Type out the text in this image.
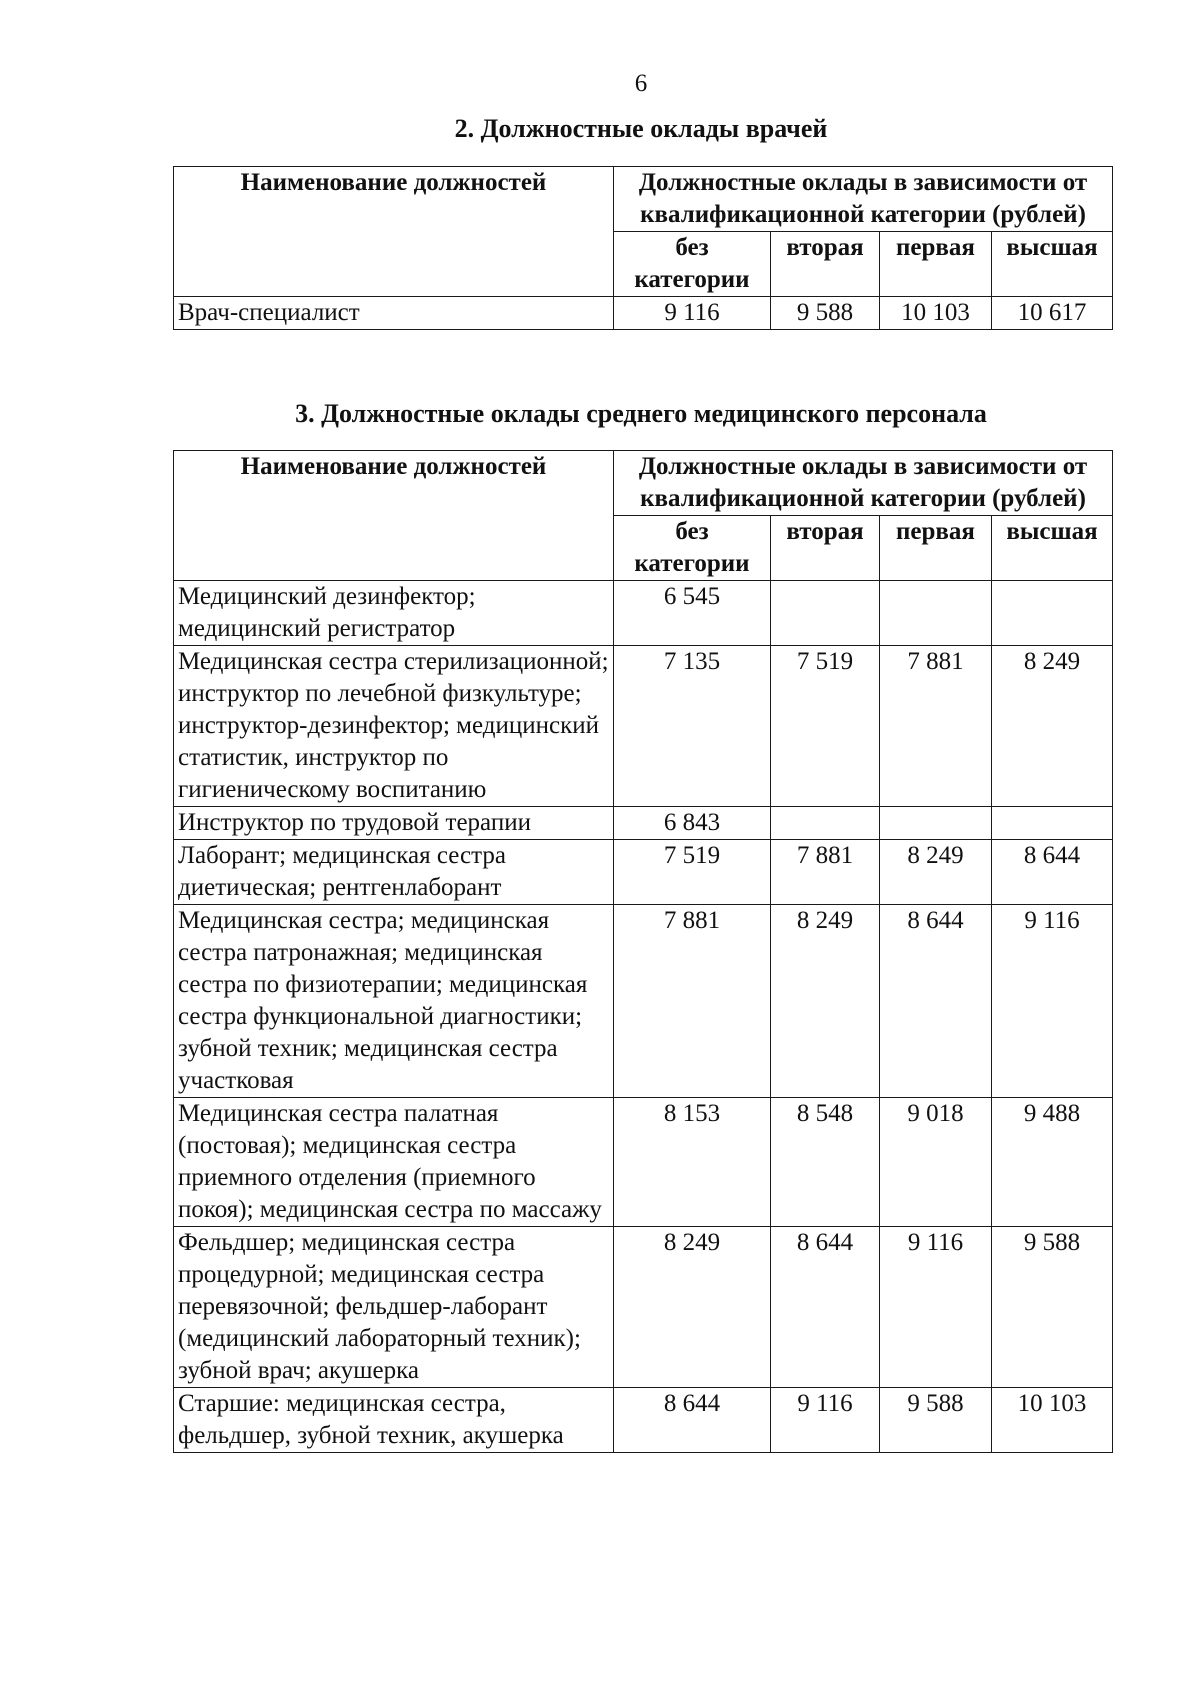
6
2. Должностные оклады врачей
Наименование должностей	Должностные оклады в зависимости от квалификационной категории (рублей)			
	без категории	вторая	первая	высшая
Врач-специалист	9 116	9 588	10 103	10 617
3. Должностные оклады среднего медицинского персонала
Наименование должностей	Должностные оклады в зависимости от квалификационной категории (рублей)			
	без категории	вторая	первая	высшая
Медицинский дезинфектор; медицинский регистратор	6 545			
Медицинская сестра стерилизационной; инструктор по лечебной физкультуре; инструктор-дезинфектор; медицинский статистик, инструктор по гигиеническому воспитанию	7 135	7 519	7 881	8 249
Инструктор по трудовой терапии	6 843			
Лаборант; медицинская сестра диетическая; рентгенлаборант	7 519	7 881	8 249	8 644
Медицинская сестра; медицинская сестра патронажная; медицинская сестра по физиотерапии; медицинская сестра функциональной диагностики; зубной техник; медицинская сестра участковая	7 881	8 249	8 644	9 116
Медицинская сестра палатная (постовая); медицинская сестра приемного отделения (приемного покоя); медицинская сестра по массажу	8 153	8 548	9 018	9 488
Фельдшер; медицинская сестра процедурной; медицинская сестра перевязочной; фельдшер-лаборант (медицинский лабораторный техник); зубной врач; акушерка	8 249	8 644	9 116	9 588
Старшие: медицинская сестра, фельдшер, зубной техник, акушерка	8 644	9 116	9 588	10 103
